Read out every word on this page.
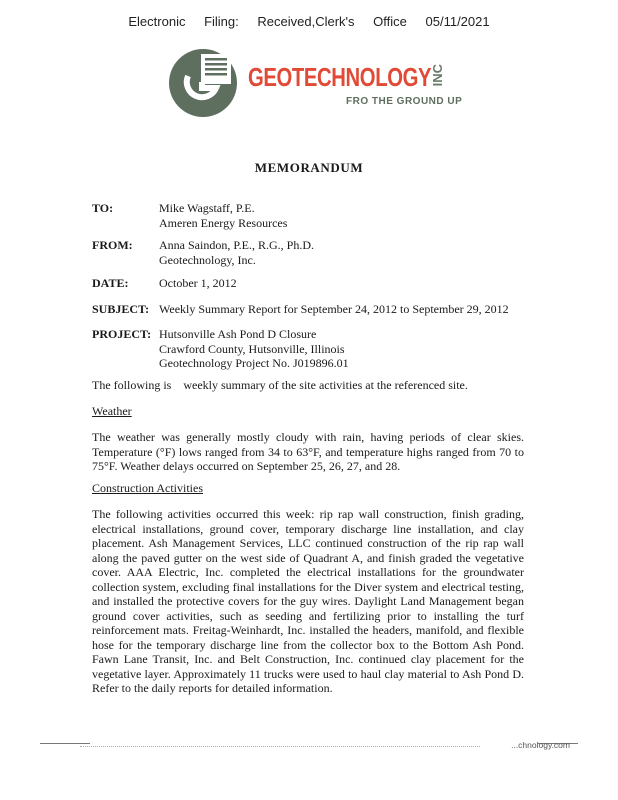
Electronic Filing: Received,Clerk's Office 05/11/2021
GEOTECHNOLOGY
INC
FRO THE GROUND UP
MEMORANDUM
TO:	Mike Wagstaff, P.E.
Ameren Energy Resources
FROM: Anna Saindon, P.E., R.G., Ph.D.
Geotechnology, Inc.
DATE:	October 1, 2012
SUBJECT: Weekly Summary Report for September 24, 2012 to September 29, 2012
PROJECT: Hutsonville Ash Pond D Closure
Crawford County, Hutsonville, Illinois
Geotechnology Project No. J019896.01

The following is    weekly summary of the site activities at the referenced site.

Weather

The weather was generally mostly cloudy with rain, having periods of clear skies. Temperature (°F) lows ranged from 34 to 63°F, and temperature highs ranged from 70 to 75°F. Weather delays occurred on September 25, 26, 27, and 28.

Construction Activities

The following activities occurred this week: rip rap wall construction, finish grading, electrical installations, ground cover, temporary discharge line installation, and clay placement. Ash Management Services, LLC continued construction of the rip rap wall along the paved gutter on the west side of Quadrant A, and finish graded the vegetative cover. AAA Electric, Inc. completed the electrical installations for the groundwater collection system, excluding final installations for the Diver system and electrical testing, and installed the protective covers for the guy wires. Daylight Land Management began ground cover activities, such as seeding and fertilizing prior to installing the turf reinforcement mats. Freitag-Weinhardt, Inc. installed the headers, manifold, and flexible hose for the temporary discharge line from the collector box to the Bottom Ash Pond. Fawn Lane Transit, Inc. and Belt Construction, Inc. continued clay placement for the vegetative layer. Approximately 11 trucks were used to haul clay material to Ash Pond D. Refer to the daily reports for detailed information.

...chnology.com
